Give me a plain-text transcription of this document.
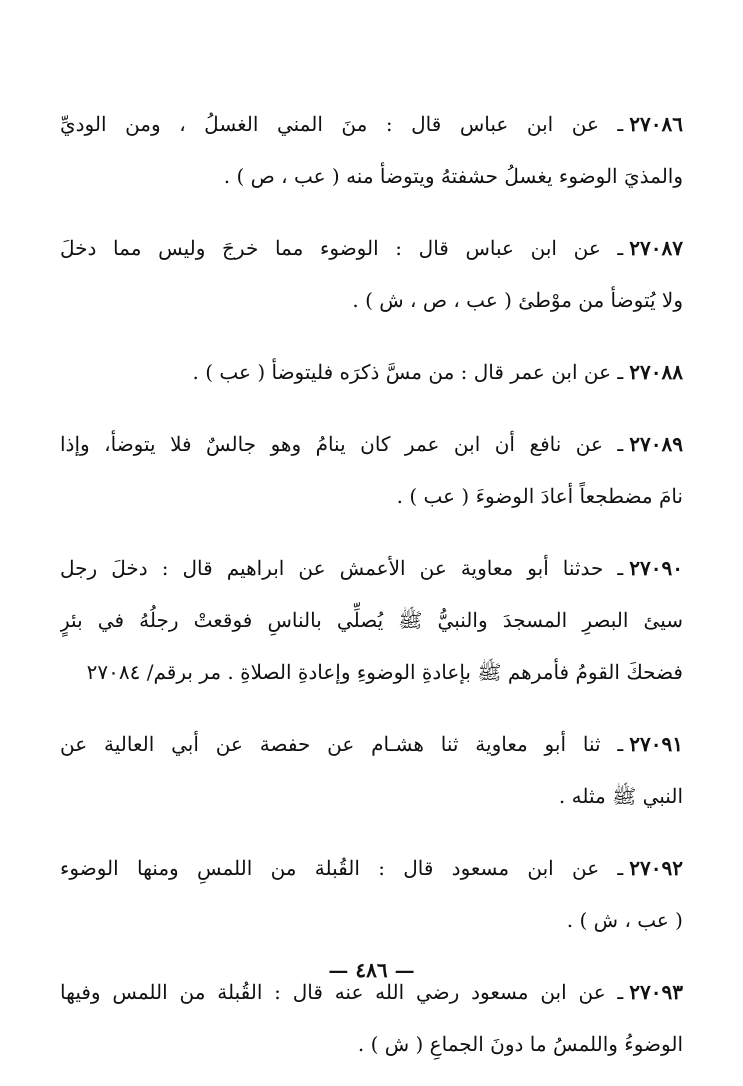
٢٧٠٨٦ـ عن ابن عباس قال : منَ المني الغسلُ ، ومن الوديِّ
والمذيَ الوضوء يغسلُ حشفتهُ ويتوضأ منه ( عب ، ص ) .
٢٧٠٨٧ـ عن ابن عباس قال : الوضوء مما خرجَ وليس مما دخلَ
ولا يُتوضأ من موْطئ ( عب ، ص ، ش ) .
٢٧٠٨٨ـ عن ابن عمر قال : من مسَّ ذكرَه فليتوضأ ( عب ) .
٢٧٠٨٩ـ عن نافع أن ابن عمر كان ينامُ وهو جالسٌ فلا يتوضأ، وإذا
نامَ مضطجعاً أعادَ الوضوءَ ( عب ) .
٢٧٠٩٠ـ حدثنا أبو معاوية عن الأعمش عن ابراهيم قال : دخلَ رجل
سيئ البصرِ المسجدَ والنبيُّ ﷺ يُصلِّي بالناسِ فوقعتْ رجلُهُ في بئرٍ
فضحكَ القومُ فأمرهم ﷺ بإعادةِ الوضوءِ وإعادةِ الصلاةِ . مر برقم/ ٢٧٠٨٤
٢٧٠٩١ـ ثنا أبو معاوية ثنا هشـام عن حفصة عن أبي العالية عن
النبي ﷺ مثله .
٢٧٠٩٢ـ عن ابن مسعود قال : القُبلة من اللمسِ ومنها الوضوء
( عب ، ش ) .
٢٧٠٩٣ـ عن ابن مسعود رضي الله عنه قال : القُبلة من اللمس وفيها
الوضوءُ واللمسُ ما دونَ الجماعِ ( ش ) .
— ٤٨٦ —
